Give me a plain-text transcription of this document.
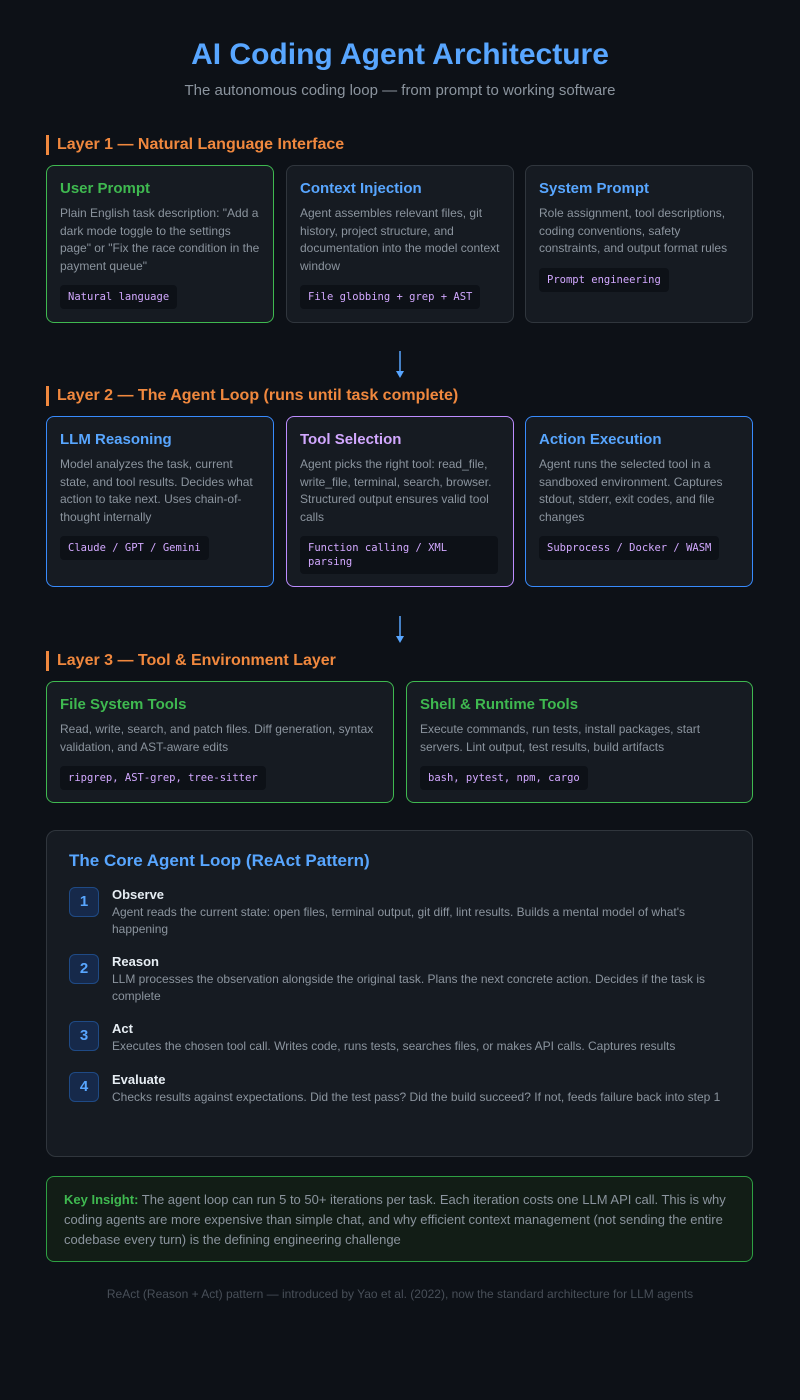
AI Coding Agent Architecture
The autonomous coding loop — from prompt to working software
Layer 1 — Natural Language Interface
User Prompt
Plain English task description: "Add a dark mode toggle to the settings page" or "Fix the race condition in the payment queue"
Natural language
Context Injection
Agent assembles relevant files, git history, project structure, and documentation into the model context window
File globbing + grep + AST
System Prompt
Role assignment, tool descriptions, coding conventions, safety constraints, and output format rules
Prompt engineering
Layer 2 — The Agent Loop (runs until task complete)
LLM Reasoning
Model analyzes the task, current state, and tool results. Decides what action to take next. Uses chain-of-thought internally
Claude / GPT / Gemini
Tool Selection
Agent picks the right tool: read_file, write_file, terminal, search, browser. Structured output ensures valid tool calls
Function calling / XML parsing
Action Execution
Agent runs the selected tool in a sandboxed environment. Captures stdout, stderr, exit codes, and file changes
Subprocess / Docker / WASM
Layer 3 — Tool & Environment Layer
File System Tools
Read, write, search, and patch files. Diff generation, syntax validation, and AST-aware edits
ripgrep, AST-grep, tree-sitter
Shell & Runtime Tools
Execute commands, run tests, install packages, start servers. Lint output, test results, build artifacts
bash, pytest, npm, cargo
The Core Agent Loop (ReAct Pattern)
1	Observe
Agent reads the current state: open files, terminal output, git diff, lint results. Builds a mental model of what's happening
2	Reason
LLM processes the observation alongside the original task. Plans the next concrete action. Decides if the task is complete
3	Act
Executes the chosen tool call. Writes code, runs tests, searches files, or makes API calls. Captures results
4	Evaluate
Checks results against expectations. Did the test pass? Did the build succeed? If not, feeds failure back into step 1
Key Insight: The agent loop can run 5 to 50+ iterations per task. Each iteration costs one LLM API call. This is why coding agents are more expensive than simple chat, and why efficient context management (not sending the entire codebase every turn) is the defining engineering challenge
ReAct (Reason + Act) pattern — introduced by Yao et al. (2022), now the standard architecture for LLM agents
